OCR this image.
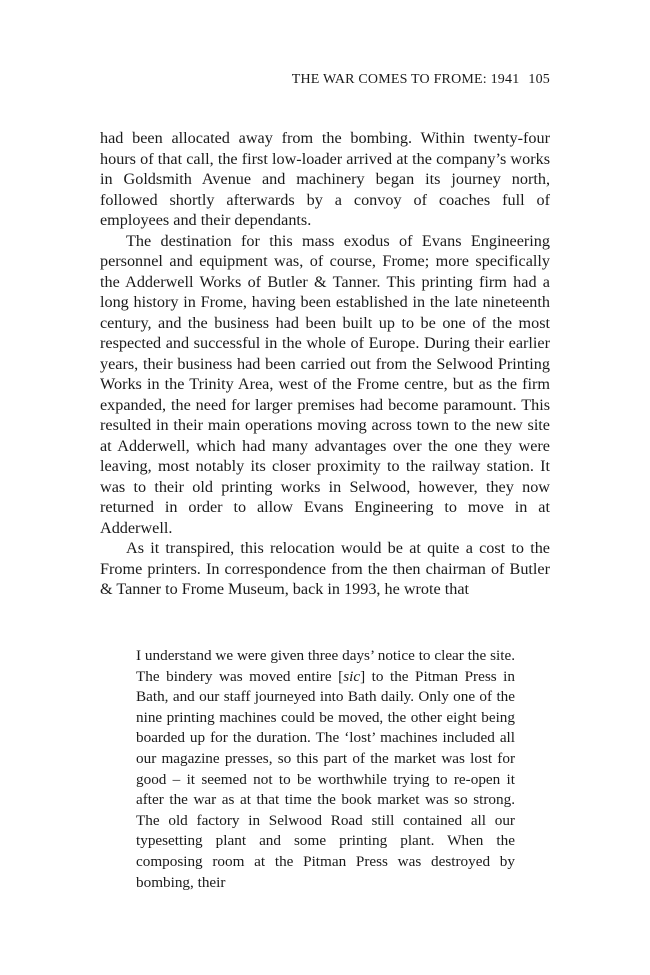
THE WAR COMES TO FROME: 1941 105

had been allocated away from the bombing. Within twenty-four hours of that call, the first low-loader arrived at the company’s works in Goldsmith Avenue and machinery began its journey north, followed shortly afterwards by a convoy of coaches full of employees and their dependants.

The destination for this mass exodus of Evans Engineering personnel and equipment was, of course, Frome; more specifically the Adderwell Works of Butler & Tanner. This printing firm had a long history in Frome, having been established in the late nineteenth century, and the business had been built up to be one of the most respected and successful in the whole of Europe. During their earlier years, their business had been carried out from the Selwood Printing Works in the Trinity Area, west of the Frome centre, but as the firm expanded, the need for larger premises had become paramount. This resulted in their main operations moving across town to the new site at Adderwell, which had many advantages over the one they were leaving, most notably its closer proximity to the railway station. It was to their old printing works in Selwood, however, they now returned in order to allow Evans Engineering to move in at Adderwell.

As it transpired, this relocation would be at quite a cost to the Frome printers. In correspondence from the then chairman of Butler & Tanner to Frome Museum, back in 1993, he wrote that

I understand we were given three days’ notice to clear the site. The bindery was moved entire [sic] to the Pitman Press in Bath, and our staff journeyed into Bath daily. Only one of the nine printing machines could be moved, the other eight being boarded up for the duration. The ‘lost’ machines included all our magazine presses, so this part of the market was lost for good – it seemed not to be worthwhile trying to re-open it after the war as at that time the book market was so strong. The old factory in Selwood Road still contained all our typesetting plant and some printing plant. When the composing room at the Pitman Press was destroyed by bombing, their
